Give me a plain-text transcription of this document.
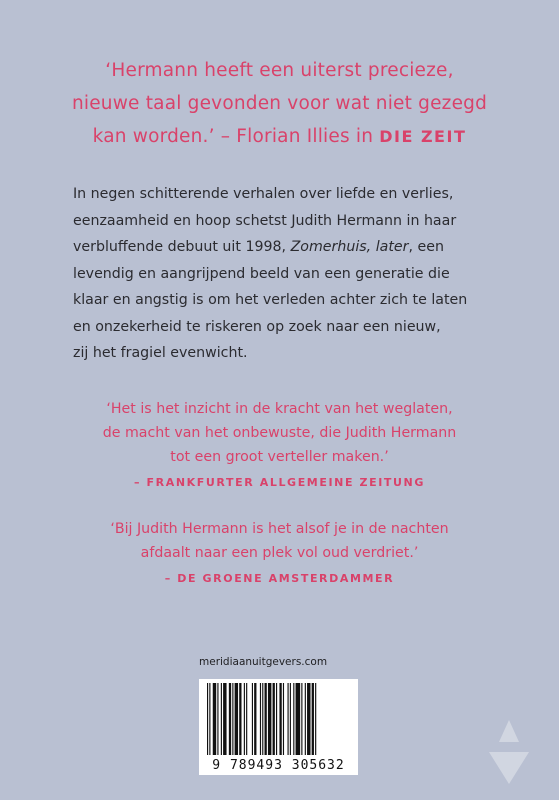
‘Hermann heeft een uiterst precieze,
nieuwe taal gevonden voor wat niet gezegd
kan worden.’ – Florian Illies in DIE ZEIT
In negen schitterende verhalen over liefde en verlies,
eenzaamheid en hoop schetst Judith Hermann in haar
verbluffende debuut uit 1998, Zomerhuis, later, een
levendig en aangrijpend beeld van een generatie die
klaar en angstig is om het verleden achter zich te laten
en onzekerheid te riskeren op zoek naar een nieuw,
zij het fragiel evenwicht.
‘Het is het inzicht in de kracht van het weglaten,
de macht van het onbewuste, die Judith Hermann
tot een groot verteller maken.’
– FRANKFURTER ALLGEMEINE ZEITUNG
‘Bij Judith Hermann is het alsof je in de nachten
afdaalt naar een plek vol oud verdriet.’
– DE GROENE AMSTERDAMMER
meridiaanuitgevers.com
9 789493 305632
